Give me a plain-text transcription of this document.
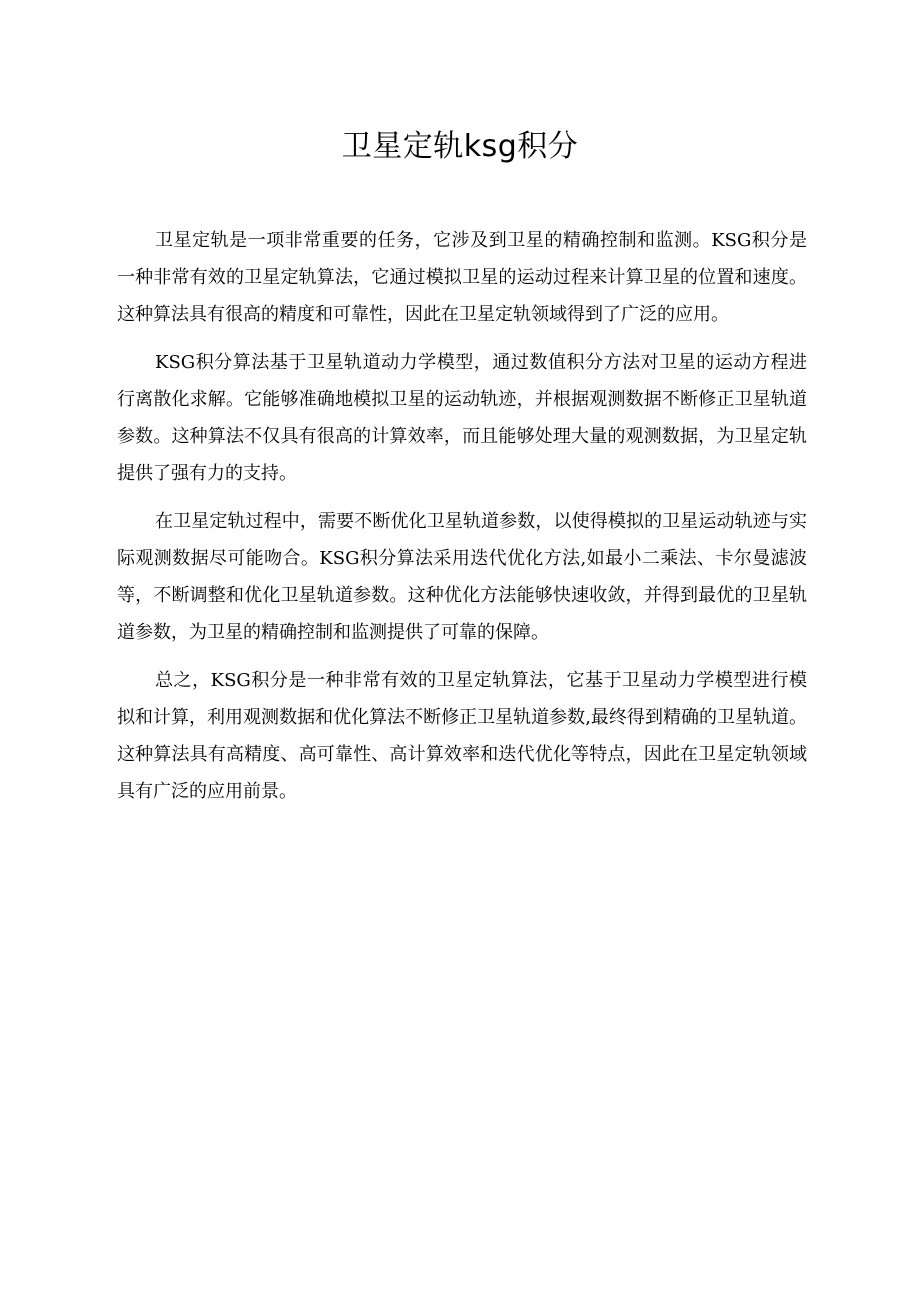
卫星定轨ksg积分

卫星定轨是一项非常重要的任务，它涉及到卫星的精确控制和监测。KSG积分是一种非常有效的卫星定轨算法，它通过模拟卫星的运动过程来计算卫星的位置和速度。这种算法具有很高的精度和可靠性，因此在卫星定轨领域得到了广泛的应用。

KSG积分算法基于卫星轨道动力学模型，通过数值积分方法对卫星的运动方程进行离散化求解。它能够准确地模拟卫星的运动轨迹，并根据观测数据不断修正卫星轨道参数。这种算法不仅具有很高的计算效率，而且能够处理大量的观测数据，为卫星定轨提供了强有力的支持。

在卫星定轨过程中，需要不断优化卫星轨道参数，以使得模拟的卫星运动轨迹与实际观测数据尽可能吻合。KSG积分算法采用迭代优化方法,如最小二乘法、卡尔曼滤波等，不断调整和优化卫星轨道参数。这种优化方法能够快速收敛，并得到最优的卫星轨道参数，为卫星的精确控制和监测提供了可靠的保障。

总之，KSG积分是一种非常有效的卫星定轨算法，它基于卫星动力学模型进行模拟和计算，利用观测数据和优化算法不断修正卫星轨道参数,最终得到精确的卫星轨道。这种算法具有高精度、高可靠性、高计算效率和迭代优化等特点，因此在卫星定轨领域具有广泛的应用前景。
